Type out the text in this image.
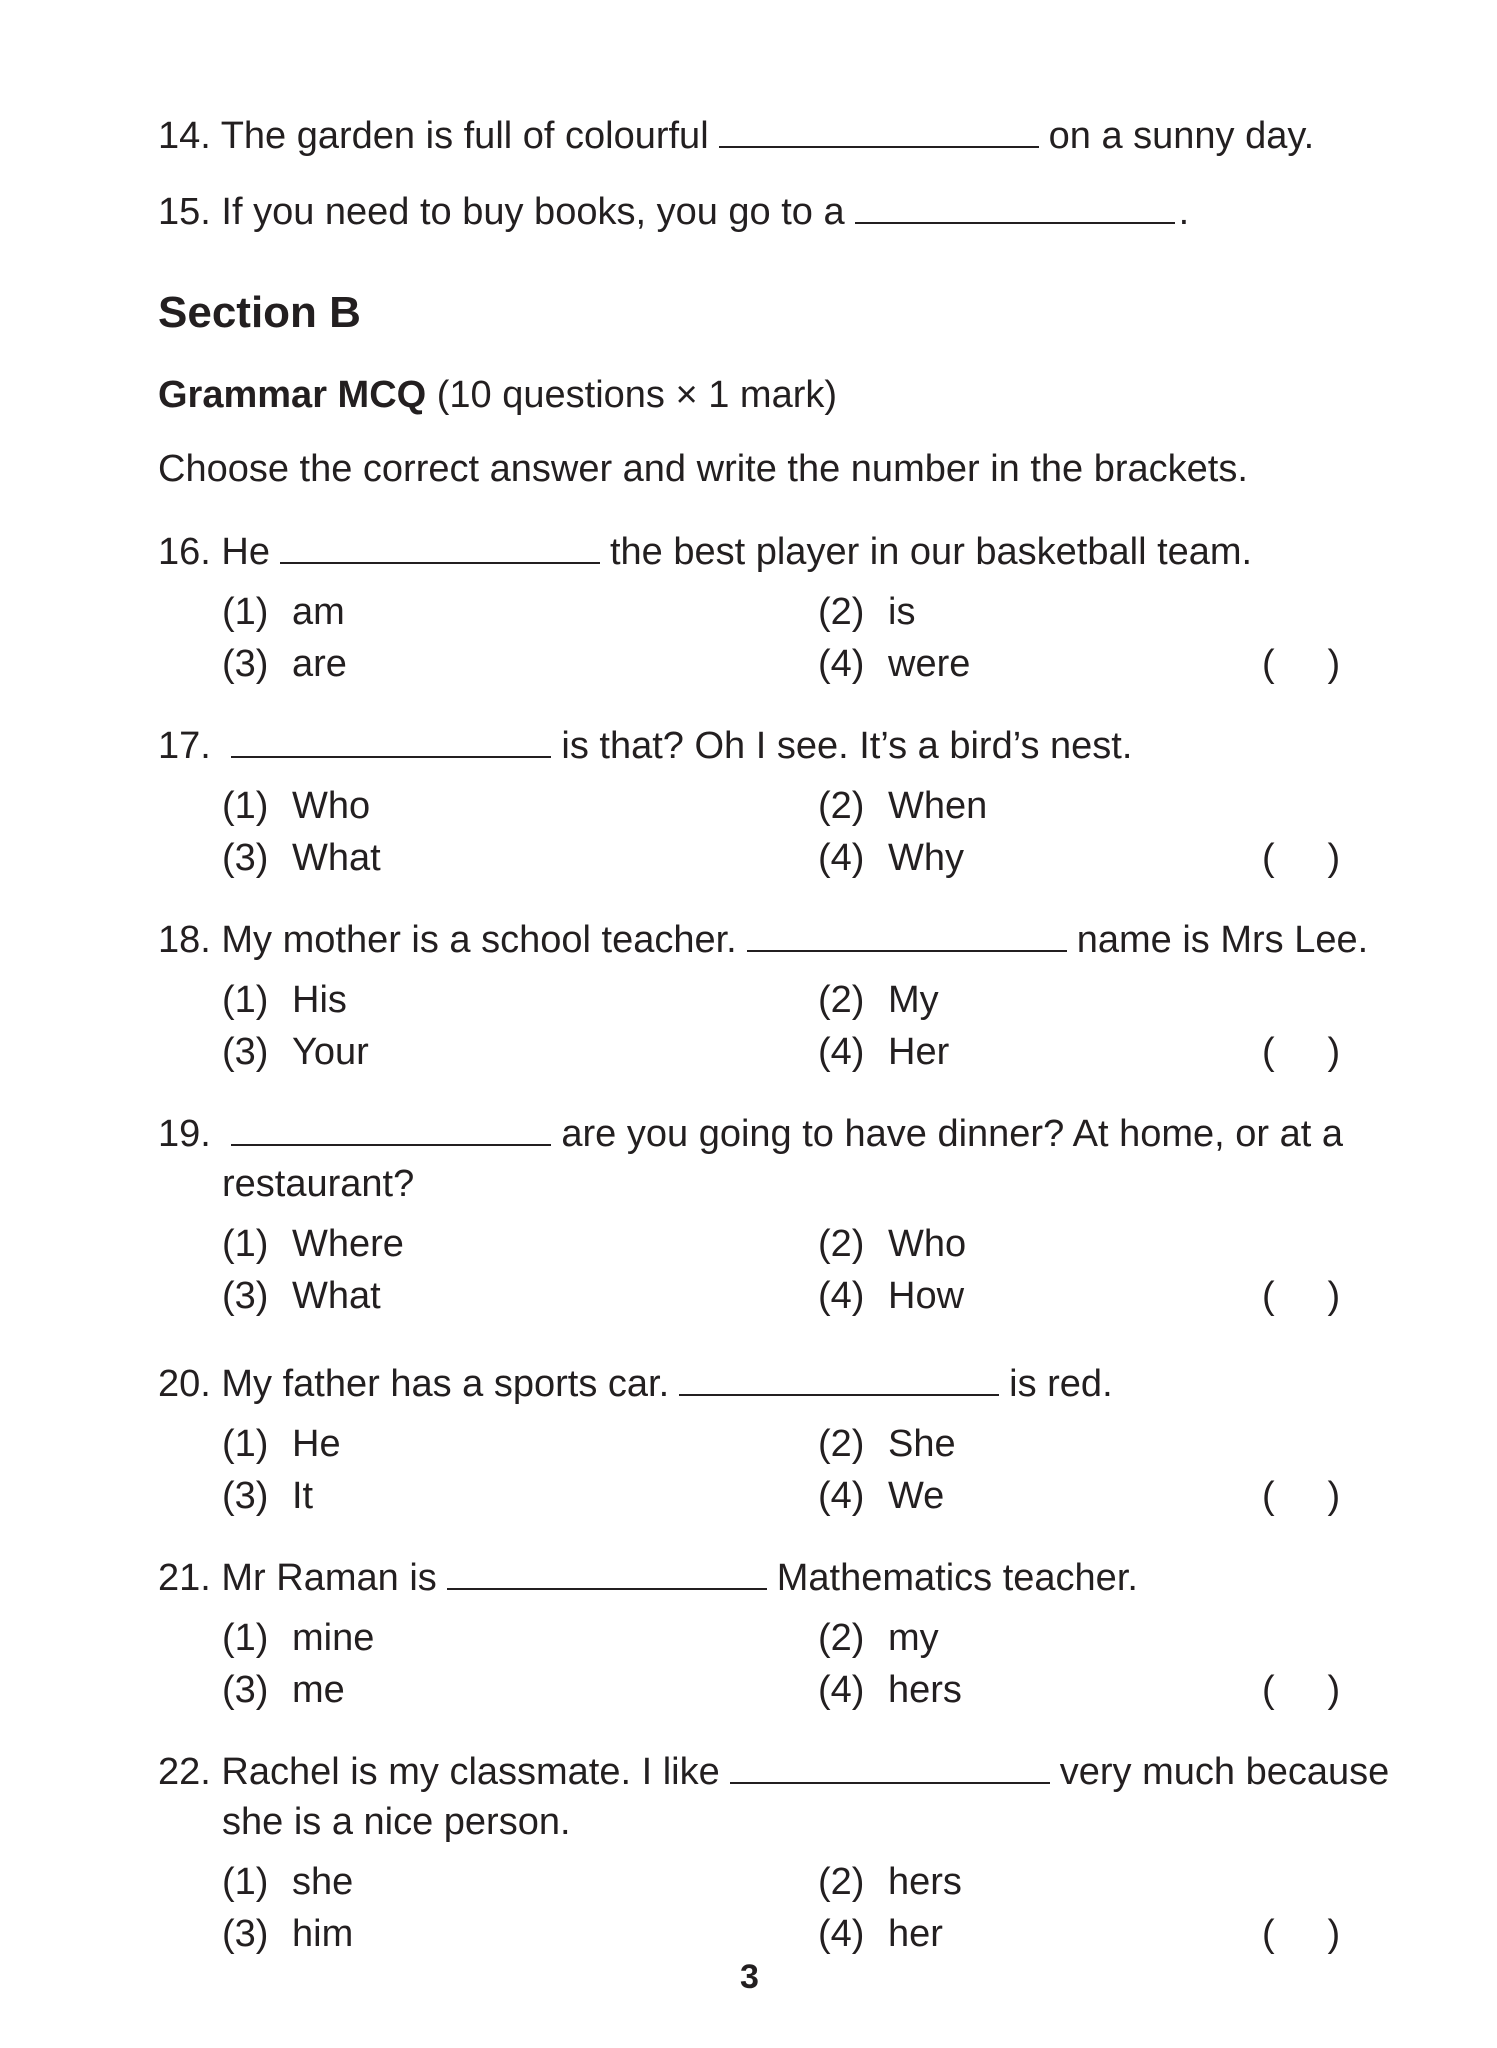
14. The garden is full of colourful	on a sunny day.
15. If you need to buy books, you go to a	.
Section B
Grammar MCQ (10 questions × 1 mark)
Choose the correct answer and write the number in the brackets.
16. He	the best player in our basketball team.
(1) am	(2) is
(3) are	(4) were	(     )
17.	is that? Oh I see. It’s a bird’s nest.
(1) Who	(2) When
(3) What	(4) Why	(     )
18. My mother is a school teacher.	name is Mrs Lee.
(1) His	(2) My
(3) Your	(4) Her	(     )
19.	are you going to have dinner? At home, or at a
restaurant?
(1) Where	(2) Who
(3) What	(4) How	(     )
20. My father has a sports car.	is red.
(1) He	(2) She
(3) It	(4) We	(     )
21. Mr Raman is	Mathematics teacher.
(1) mine	(2) my
(3) me	(4) hers	(     )
22. Rachel is my classmate. I like	very much because
she is a nice person.
(1) she	(2) hers
(3) him	(4) her	(     )
3
